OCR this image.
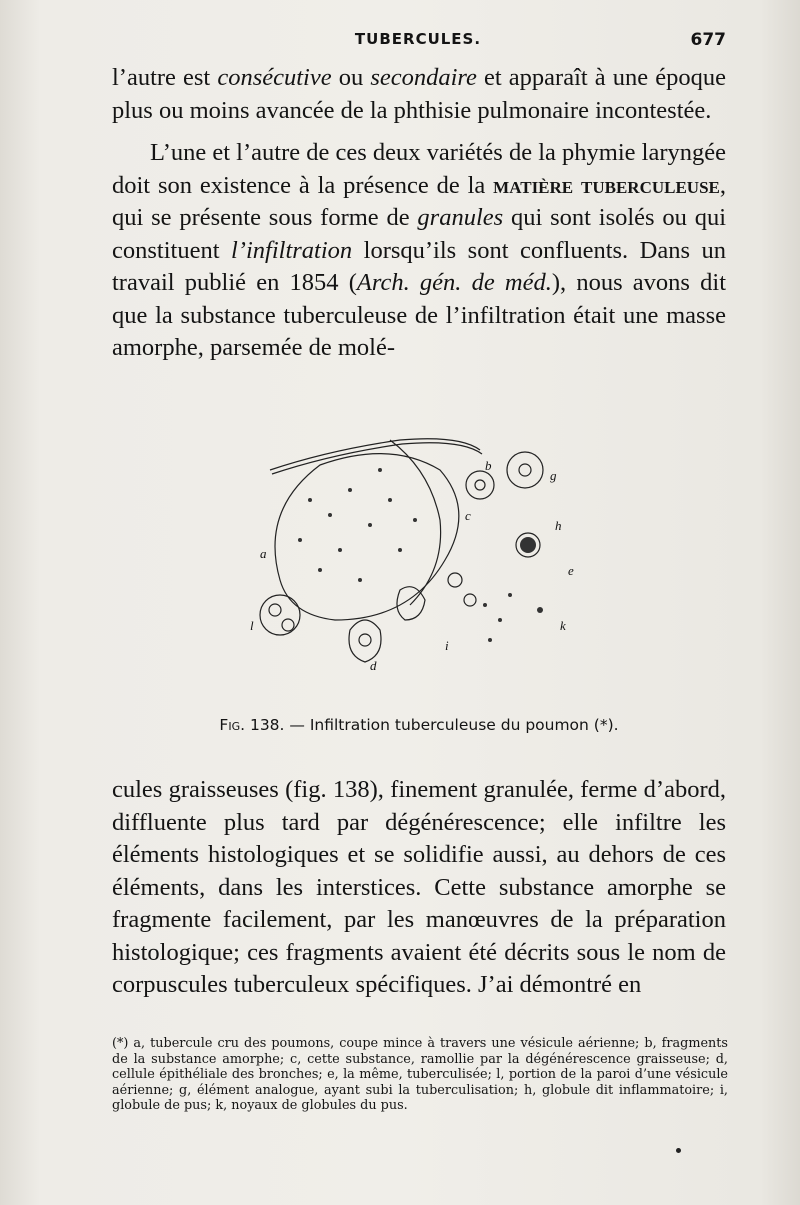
TUBERCULES.	677

l’autre est consécutive ou secondaire et apparaît à une époque plus ou moins avancée de la phthisie pulmonaire incontestée.

L’une et l’autre de ces deux variétés de la phymie laryngée doit son existence à la présence de la matière tuberculeuse, qui se présente sous forme de granules qui sont isolés ou qui constituent l’infiltration lorsqu’ils sont confluents. Dans un travail publié en 1854 (Arch. gén. de méd.), nous avons dit que la substance tuberculeuse de l’infiltration était une masse amorphe, parsemée de molé-

a
b
c
d
e
g
h
i
k
l
Fig. 138. — Infiltration tuberculeuse du poumon (*).

cules graisseuses (fig. 138), finement granulée, ferme d’abord, diffluente plus tard par dégénérescence; elle infiltre les éléments histologiques et se solidifie aussi, au dehors de ces éléments, dans les interstices. Cette substance amorphe se fragmente facilement, par les manœuvres de la préparation histologique; ces fragments avaient été décrits sous le nom de corpuscules tuberculeux spécifiques. J’ai démontré en

(*) a, tubercule cru des poumons, coupe mince à travers une vésicule aérienne; b, fragments de la substance amorphe; c, cette substance, ramollie par la dégénérescence graisseuse; d, cellule épithéliale des bronches; e, la même, tuberculisée; l, portion de la paroi d’une vésicule aérienne; g, élément analogue, ayant subi la tuberculisation; h, globule dit inflammatoire; i, globule de pus; k, noyaux de globules du pus.
